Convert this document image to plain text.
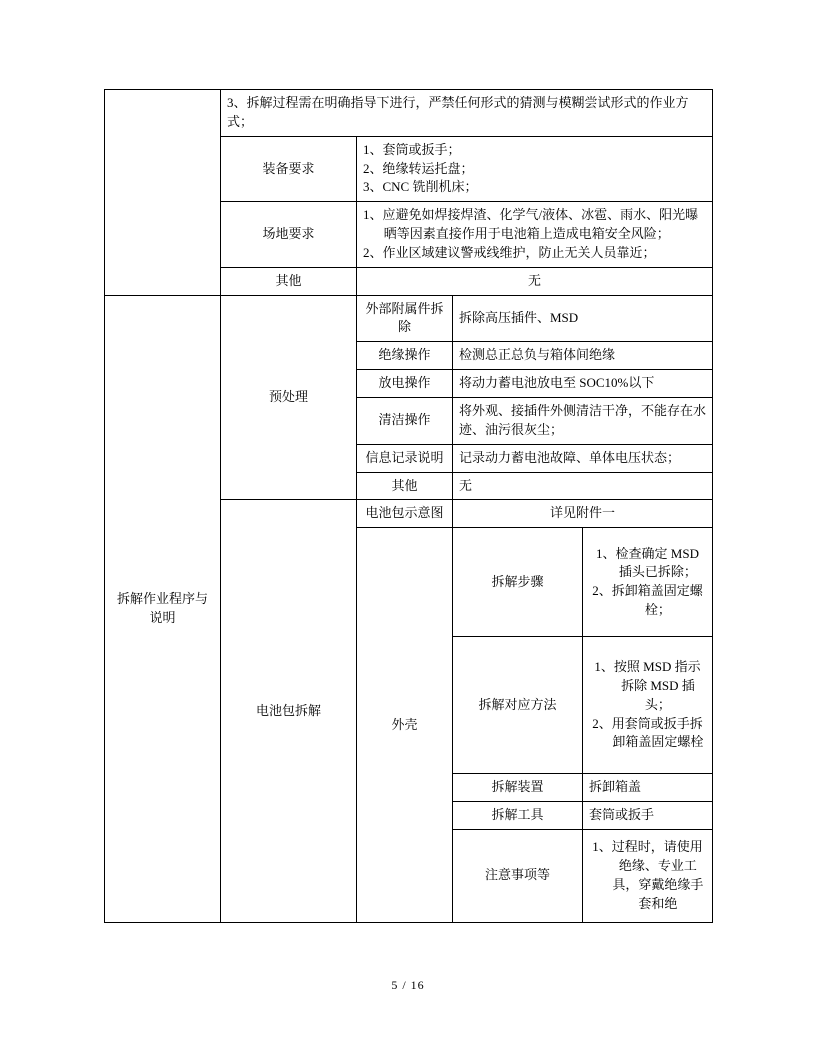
	3、拆解过程需在明确指导下进行，严禁任何形式的猜测与模糊尝试形式的作业方式；			
	装备要求	1、套筒或扳手；
2、绝缘转运托盘；
3、CNC 铣削机床；		

	场地要求	1、应避免如焊接焊渣、化学气/液体、冰雹、雨水、阳光曝晒等因素直接作用于电池箱上造成电箱安全风险；
2、作业区域建议警戒线维护，防止无关人员靠近；		

	其他	无		
拆解作业程序与说明	预处理	外部附属件拆除	拆除高压插件、MSD	
		绝缘操作	检测总正总负与箱体间绝缘	
		放电操作	将动力蓄电池放电至 SOC10%以下	
		清洁操作	将外观、接插件外侧清洁干净，不能存在水迹、油污很灰尘；	
		信息记录说明	记录动力蓄电池故障、单体电压状态；	
		其他	无	
	电池包拆解	电池包示意图	详见附件一	
		外壳	拆解步骤	1、检查确定 MSD 插头已拆除；
2、拆卸箱盖固定螺栓；

			拆解对应方法	1、按照 MSD 指示拆除 MSD 插头；
2、用套筒或扳手拆卸箱盖固定螺栓

			拆解装置	拆卸箱盖
			拆解工具	套筒或扳手
			注意事项等	1、过程时，请使用绝缘、专业工具，穿戴绝缘手套和绝
5 / 16
